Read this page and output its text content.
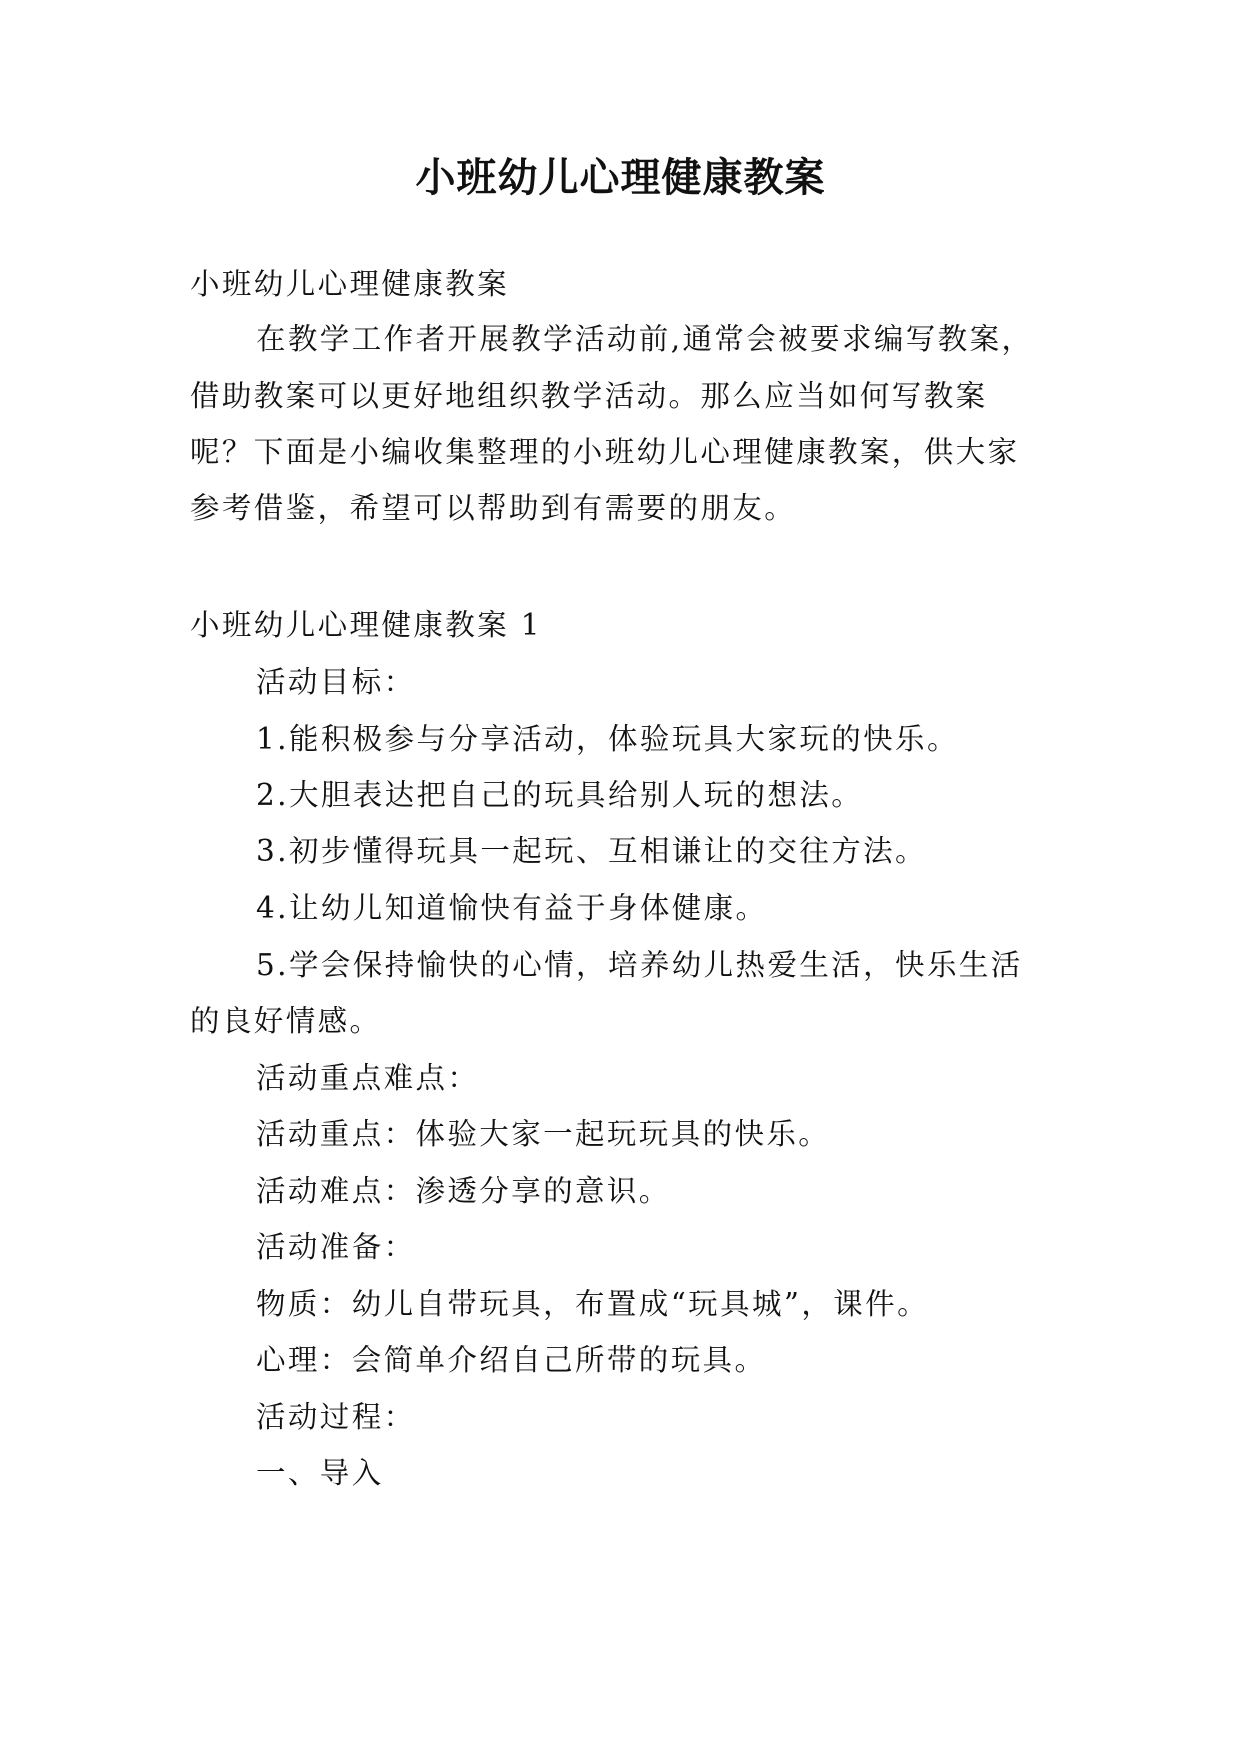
小班幼儿心理健康教案

小班幼儿心理健康教案

在教学工作者开展教学活动前,通常会被要求编写教案，

借助教案可以更好地组织教学活动。那么应当如何写教案

呢？下面是小编收集整理的小班幼儿心理健康教案，供大家

参考借鉴，希望可以帮助到有需要的朋友。

小班幼儿心理健康教案 1

活动目标：

1.能积极参与分享活动，体验玩具大家玩的快乐。

2.大胆表达把自己的玩具给别人玩的想法。

3.初步懂得玩具一起玩、互相谦让的交往方法。

4.让幼儿知道愉快有益于身体健康。

5.学会保持愉快的心情，培养幼儿热爱生活，快乐生活

的良好情感。

活动重点难点：

活动重点：体验大家一起玩玩具的快乐。

活动难点：渗透分享的意识。

活动准备：

物质：幼儿自带玩具，布置成“玩具城”，课件。

心理：会简单介绍自己所带的玩具。

活动过程：

一、导入
